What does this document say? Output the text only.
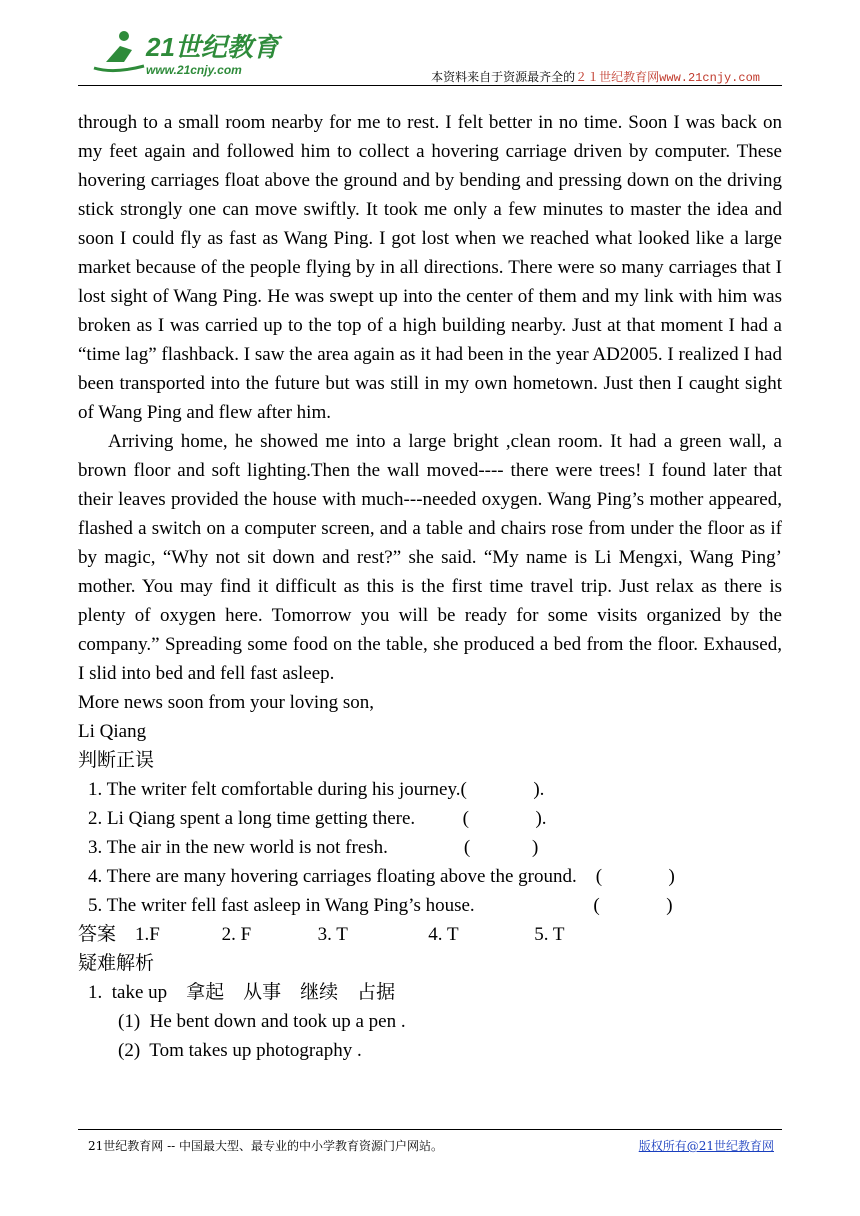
21世纪教育
www.21cnjy.com	本资料来自于资源最齐全的２１世纪教育网www.21cnjy.com

through to a small room nearby for me to rest. I felt better in no time. Soon I was back on my feet again and followed him to collect a hovering carriage driven by computer. These hovering carriages float above the ground and by bending and pressing down on the driving stick strongly one can move swiftly. It took me only a few minutes to master the idea and soon I could fly as fast as Wang Ping. I got lost when we reached what looked like a large market because of the people flying by in all directions. There were so many carriages that I lost sight of Wang Ping. He was swept up into the center of them and my link with him was broken as I was carried up to the top of a high building nearby. Just at that moment I had a “time lag” flashback. I saw the area again as it had been in the year AD2005. I realized I had been transported into the future but was still in my own hometown. Just then I caught sight of Wang Ping and flew after him.

Arriving home, he showed me into a large bright ,clean room. It had a green wall, a brown floor and soft lighting.Then the wall moved---- there were trees! I found later that their leaves provided the house with much---needed oxygen. Wang Ping’s mother appeared, flashed a switch on a computer screen, and a table and chairs rose from under the floor as if by magic, “Why not sit down and rest?” she said. “My name is Li Mengxi, Wang Ping’ mother. You may find it difficult as this is the first time travel trip. Just relax as there is plenty of oxygen here. Tomorrow you will be ready for some visits organized by the company.” Spreading some food on the table, she produced a bed from the floor. Exhaused, I slid into bed and fell fast asleep.

More news soon from your loving son,

Li Qiang

判断正误

1. The writer felt comfortable during his journey.(              ).

2. Li Qiang spent a long time getting there.          (              ).

3. The air in the new world is not fresh.                (             )

4. There are many hovering carriages floating above the ground.    (              )

5. The writer fell fast asleep in Wang Ping’s house.                         (              )

答案    1.F             2. F              3. T                 4. T                5. T

疑难解析

1.  take up    拿起    从事    继续    占据

(1)  He bent down and took up a pen .

(2)  Tom takes up photography .

21世纪教育网 -- 中国最大型、最专业的中小学教育资源门户网站。	版权所有@21世纪教育网
